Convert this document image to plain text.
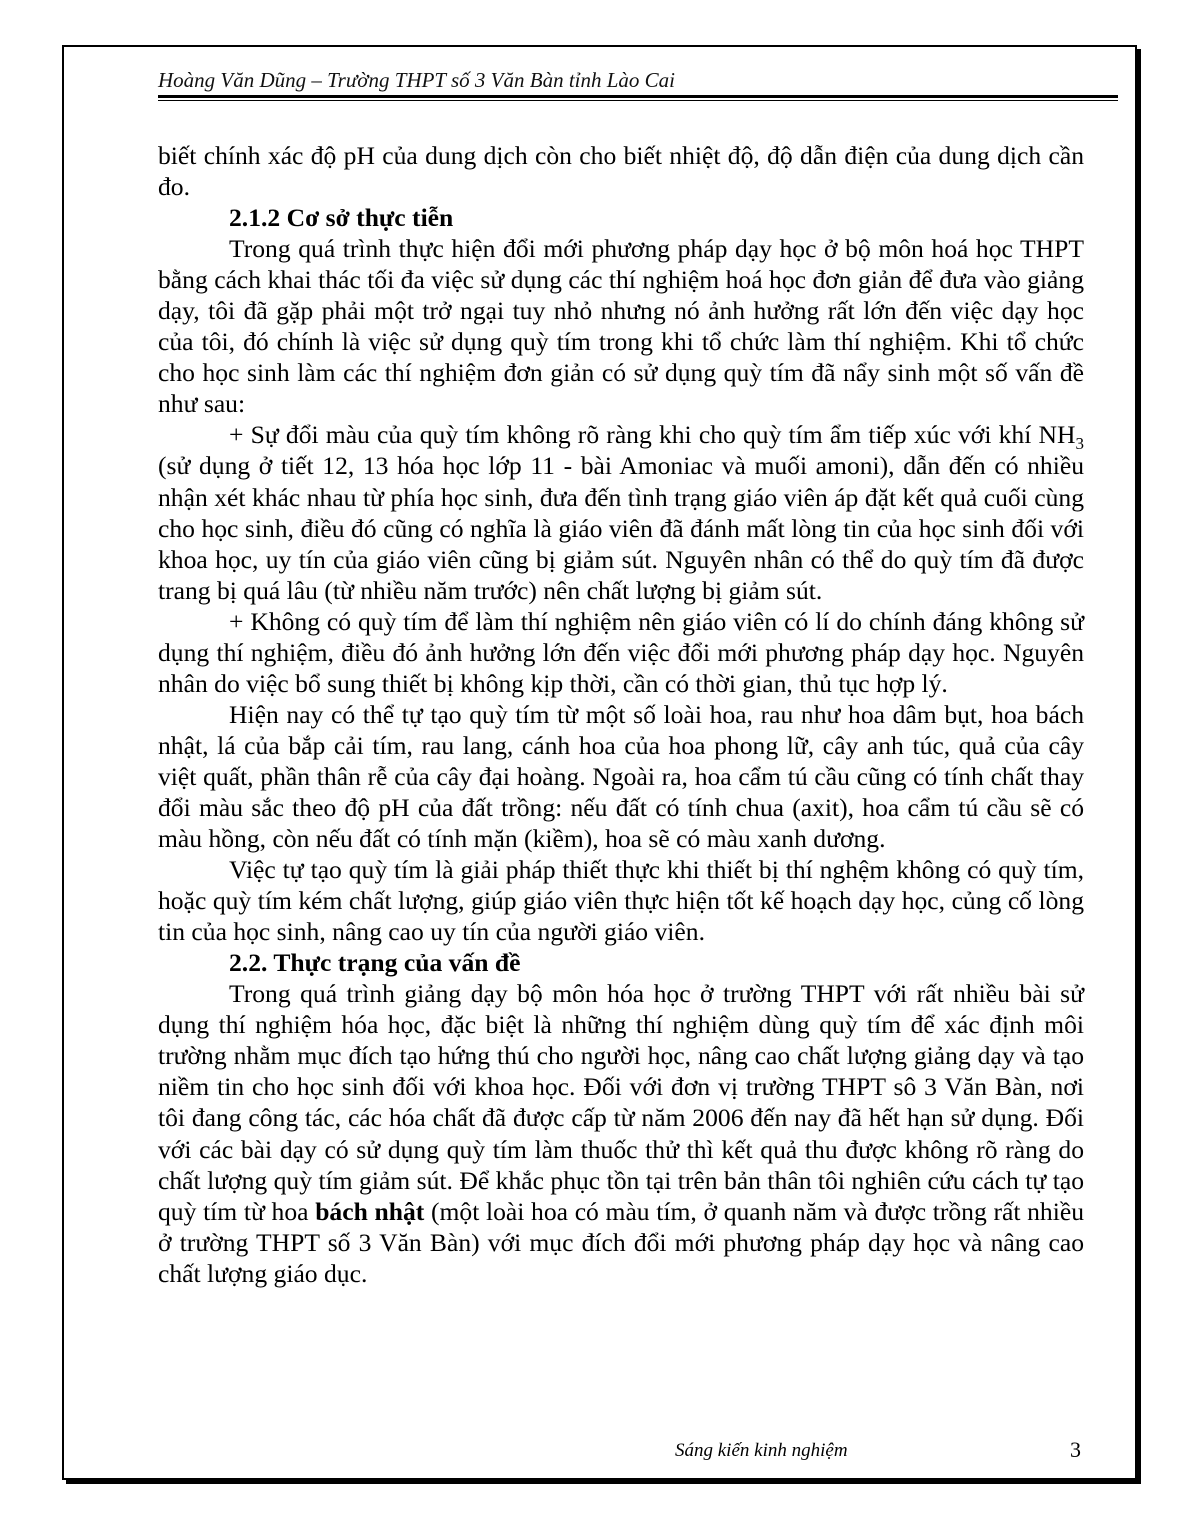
Hoàng Văn Dũng – Trường THPT số 3 Văn Bàn tỉnh Lào Cai

biết chính xác độ pH của dung dịch còn cho biết nhiệt độ, độ dẫn điện của dung dịch cần đo.

2.1.2 Cơ sở thực tiễn

Trong quá trình thực hiện đổi mới phương pháp dạy học ở bộ môn hoá học THPT bằng cách khai thác tối đa việc sử dụng các thí nghiệm hoá học đơn giản để đưa vào giảng dạy, tôi đã gặp phải một trở ngại tuy nhỏ nhưng nó ảnh hưởng rất lớn đến việc dạy học của tôi, đó chính là việc sử dụng quỳ tím trong khi tổ chức làm thí nghiệm. Khi tổ chức cho học sinh làm các thí nghiệm đơn giản có sử dụng quỳ tím đã nẩy sinh một số vấn đề như sau:

+ Sự đổi màu của quỳ tím không rõ ràng khi cho quỳ tím ẩm tiếp xúc với khí $NH_3$ (sử dụng ở tiết 12, 13 hóa học lớp 11 - bài Amoniac và muối amoni), dẫn đến có nhiều nhận xét khác nhau từ phía học sinh, đưa đến tình trạng giáo viên áp đặt kết quả cuối cùng cho học sinh, điều đó cũng có nghĩa là giáo viên đã đánh mất lòng tin của học sinh đối với khoa học, uy tín của giáo viên cũng bị giảm sút. Nguyên nhân có thể do quỳ tím đã được trang bị quá lâu (từ nhiều năm trước) nên chất lượng bị giảm sút.

+ Không có quỳ tím để làm thí nghiệm nên giáo viên có lí do chính đáng không sử dụng thí nghiệm, điều đó ảnh hưởng lớn đến việc đổi mới phương pháp dạy học. Nguyên nhân do việc bổ sung thiết bị không kịp thời, cần có thời gian, thủ tục hợp lý.

Hiện nay có thể tự tạo quỳ tím từ một số loài hoa, rau như hoa dâm bụt, hoa bách nhật, lá của bắp cải tím, rau lang, cánh hoa của hoa phong lữ, cây anh túc, quả của cây việt quất, phần thân rễ của cây đại hoàng. Ngoài ra, hoa cẩm tú cầu cũng có tính chất thay đổi màu sắc theo độ pH của đất trồng: nếu đất có tính chua (axit), hoa cẩm tú cầu sẽ có màu hồng, còn nếu đất có tính mặn (kiềm), hoa sẽ có màu xanh dương.

Việc tự tạo quỳ tím là giải pháp thiết thực khi thiết bị thí nghệm không có quỳ tím, hoặc quỳ tím kém chất lượng, giúp giáo viên thực hiện tốt kế hoạch dạy học, củng cố lòng tin của học sinh, nâng cao uy tín của người giáo viên.

2.2. Thực trạng của vấn đề

Trong quá trình giảng dạy bộ môn hóa học ở trường THPT với rất nhiều bài sử dụng thí nghiệm hóa học, đặc biệt là những thí nghiệm dùng quỳ tím để xác định môi trường nhằm mục đích tạo hứng thú cho người học, nâng cao chất lượng giảng dạy và tạo niềm tin cho học sinh đối với khoa học. Đối với đơn vị trường THPT sô 3 Văn Bàn, nơi tôi đang công tác, các hóa chất đã được cấp từ năm 2006 đến nay đã hết hạn sử dụng. Đối với các bài dạy có sử dụng quỳ tím làm thuốc thử thì kết quả thu được không rõ ràng do chất lượng quỳ tím giảm sút. Để khắc phục tồn tại trên bản thân tôi nghiên cứu cách tự tạo quỳ tím từ hoa bách nhật (một loài hoa có màu tím, ở quanh năm và được trồng rất nhiều ở trường THPT số 3 Văn Bàn) với mục đích đổi mới phương pháp dạy học và nâng cao chất lượng giáo dục.

Sáng kiến kinh nghiệm	3
